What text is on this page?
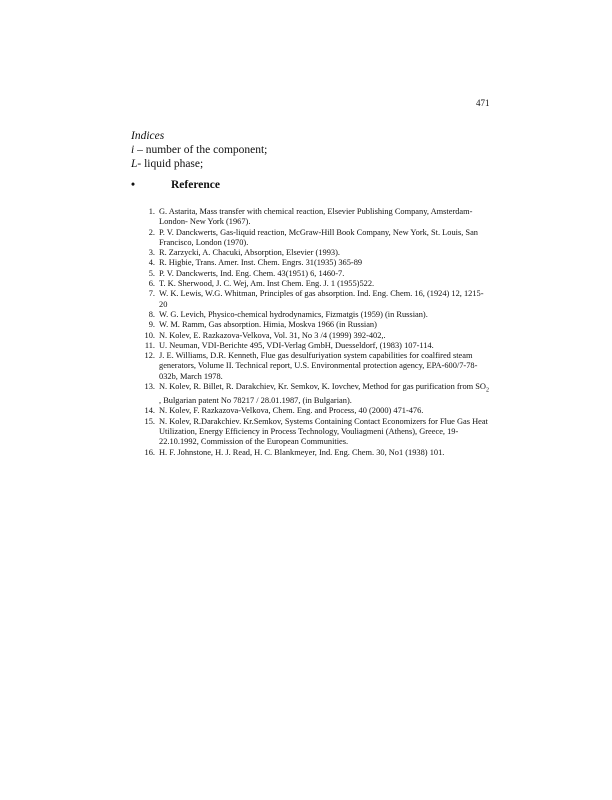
471
Indices
i – number of the component;
L- liquid phase;
•	Reference
1 . G. Astarita, Mass transfer with chemical reaction, Elsevier Publishing Company, Amsterdam- London- New York (1967).
2 . P. V. Danckwerts, Gas-liquid reaction, McGraw-Hill Book Company, New York, St. Louis, San Francisco, London (1970).
3 . R. Zarzycki, A. Chacuki, Absorption, Elsevier (1993).
4 . R. Higbie, Trans. Amer. Inst. Chem. Engrs. 31(1935) 365-89
5 . P. V. Danckwerts, Ind. Eng. Chem. 43(1951) 6, 1460-7.
6 . T. K. Sherwood, J. C. Wej, Am. Inst Chem. Eng. J. 1 (1955)522.
7 . W. K. Lewis, W.G. Whitman, Principles of gas absorption. Ind. Eng. Chem. 16, (1924) 12, 1215-20
8 . W. G. Levich, Physico-chemical hydrodynamics, Fizmatgis (1959) (in Russian).
9 . W. M. Ramm, Gas absorption. Himia, Moskva 1966 (in Russian)
10 . N. Kolev, E. Razkazova-Velkova, Vol. 31, No 3 /4 (1999) 392-402,.
11 . U. Neuman, VDI-Berichte 495, VDI-Verlag GmbH, Duesseldorf, (1983) 107-114.
12 . J. E. Williams, D.R. Kenneth, Flue gas desulfuriyation system capabilities for coalfired steam generators, Volume II. Technical report, U.S. Environmental protection agency, EPA-600/7-78-032b, March 1978.
13 . N. Kolev, R. Billet, R. Darakchiev, Kr. Semkov, K. Iovchev, Method for gas purification from $SO_2$ , Bulgarian patent No 78217 / 28.01.1987, (in Bulgarian).
14 . N. Kolev, F. Razkazova-Velkova, Chem. Eng. and Process, 40 (2000) 471-476.
15 . N. Kolev, R.Darakchiev. Kr.Semkov, Systems Containing Contact Economizers for Flue Gas Heat Utilization, Energy Efficiency in Process Technology, Vouliagmeni (Athens), Greece, 19-22.10.1992, Commission of the European Communities.
16 . H. F. Johnstone, H. J. Read, H. C. Blankmeyer, Ind. Eng. Chem. 30, No1 (1938) 101.
